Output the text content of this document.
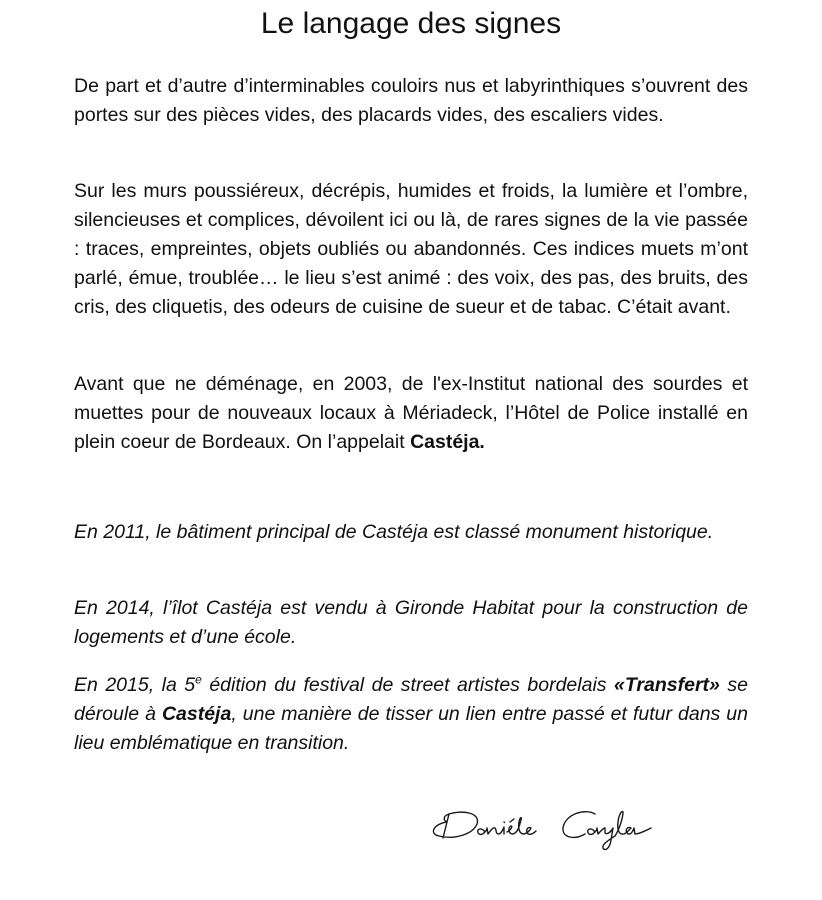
Le langage des signes

De part et d’autre d’interminables couloirs nus et labyrinthiques s’ouvrent des portes sur des pièces vides, des placards vides, des escaliers vides.

Sur les murs poussiéreux, décrépis, humides et froids, la lumière et l’ombre, silencieuses et complices, dévoilent ici ou là, de rares signes de la vie passée : traces, empreintes, objets oubliés ou abandonnés. Ces indices muets m’ont parlé, émue, troublée… le lieu s’est animé : des voix, des pas, des bruits, des cris, des cliquetis, des odeurs de cuisine de sueur et de tabac. C’était avant.

Avant que ne déménage, en 2003, de l'ex-Institut national des sourdes et muettes pour de nouveaux locaux à Mériadeck, l’Hôtel de Police installé en plein coeur de Bordeaux. On l’appelait Castéja.

En 2011, le bâtiment principal de Castéja est classé monument historique.

En 2014, l’îlot Castéja est vendu à Gironde Habitat pour la construction de logements et d’une école.

En 2015, la 5e édition du festival de street artistes bordelais «Transfert» se déroule à Castéja, une manière de tisser un lien entre passé et futur dans un lieu emblématique en transition.
